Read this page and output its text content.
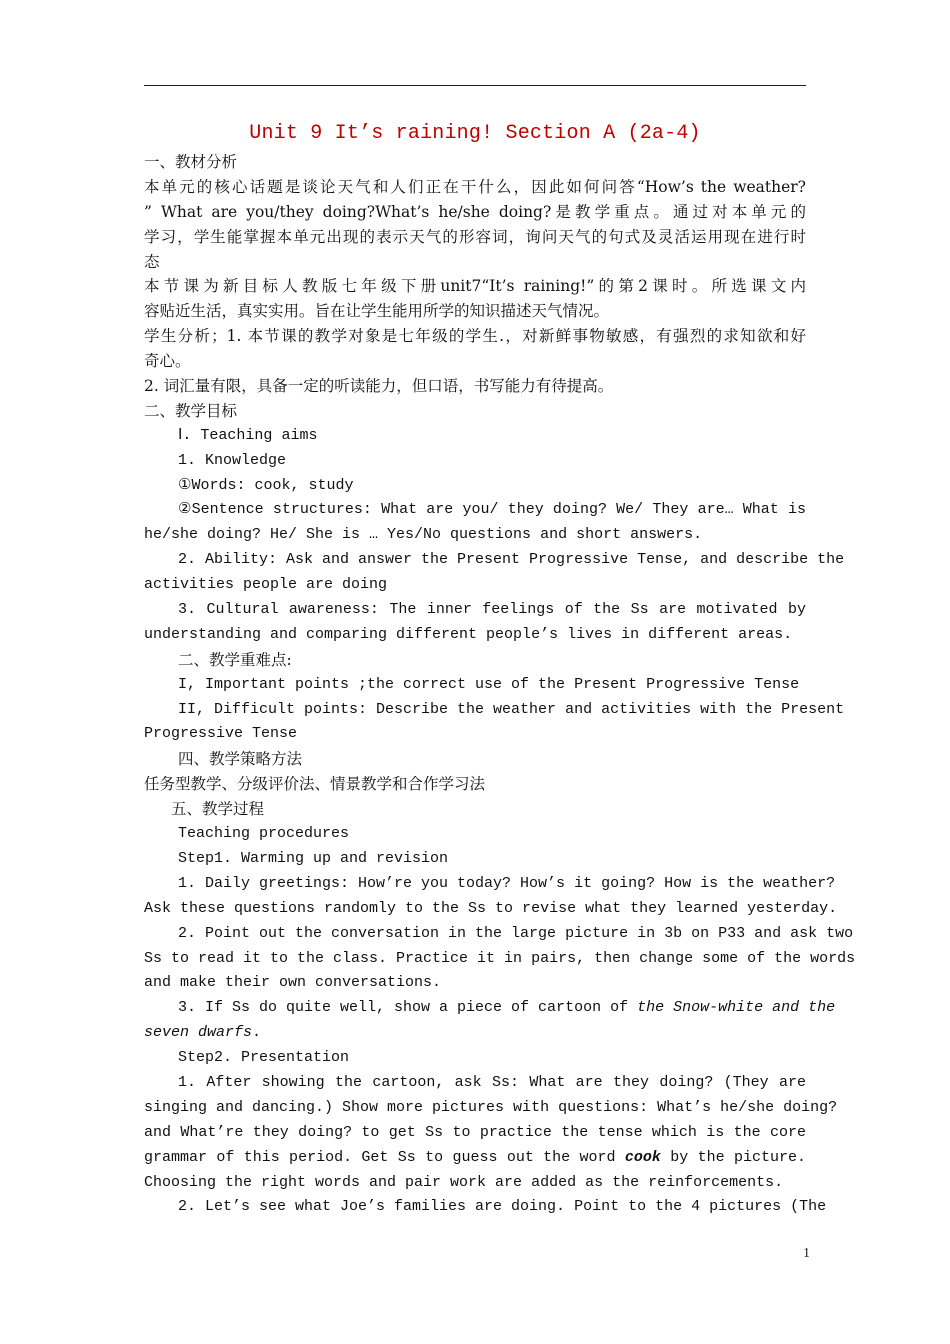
Unit 9 It’s raining! Section A (2a-4)
一、教材分析
本单元的核心话题是谈论天气和人们正在干什么，因此如何问答“How’s the weather?
” What are you/they doing?What’s he/she doing?是教学重点。通过对本单元的
学习，学生能掌握本单元出现的表示天气的形容词，询问天气的句式及灵活运用现在进行时
态
本节课为新目标人教版七年级下册unit7“It’s raining!”的第2课时。所选课文内
容贴近生活，真实实用。旨在让学生能用所学的知识描述天气情况。
学生分析；1. 本节课的教学对象是七年级的学生.，对新鲜事物敏感，有强烈的求知欲和好
奇心。
2. 词汇量有限，具备一定的听读能力，但口语，书写能力有待提高。
二、教学目标
Ⅰ. Teaching aims
1. Knowledge
①Words: cook, study
②Sentence structures: What are you/ they doing? We/ They are… What is
he/she doing? He/ She is … Yes/No questions and short answers.
2. Ability: Ask and answer the Present Progressive Tense, and describe the
activities people are doing
3. Cultural awareness: The inner feelings of the Ss are motivated by
understanding and comparing different people’s lives in different areas.
二、教学重难点:
I, Important points ;the correct use of the Present Progressive Tense
II, Difficult points: Describe the weather and activities with the Present
Progressive Tense
四、教学策略方法
任务型教学、分级评价法、情景教学和合作学习法
五、教学过程
Teaching procedures
Step1. Warming up and revision
1. Daily greetings: How’re you today? How’s it going? How is the weather?
Ask these questions randomly to the Ss to revise what they learned yesterday.
2. Point out the conversation in the large picture in 3b on P33 and ask two
Ss to read it to the class. Practice it in pairs, then change some of the words
and make their own conversations.
3. If Ss do quite well, show a piece of cartoon of the Snow-white and the
seven dwarfs.
Step2. Presentation
1. After showing the cartoon, ask Ss: What are they doing? (They are
singing and dancing.) Show more pictures with questions: What’s he/she doing?
and What’re they doing? to get Ss to practice the tense which is the core
grammar of this period. Get Ss to guess out the word cook by the picture.
Choosing the right words and pair work are added as the reinforcements.
2. Let’s see what Joe’s families are doing. Point to the 4 pictures (The
1
